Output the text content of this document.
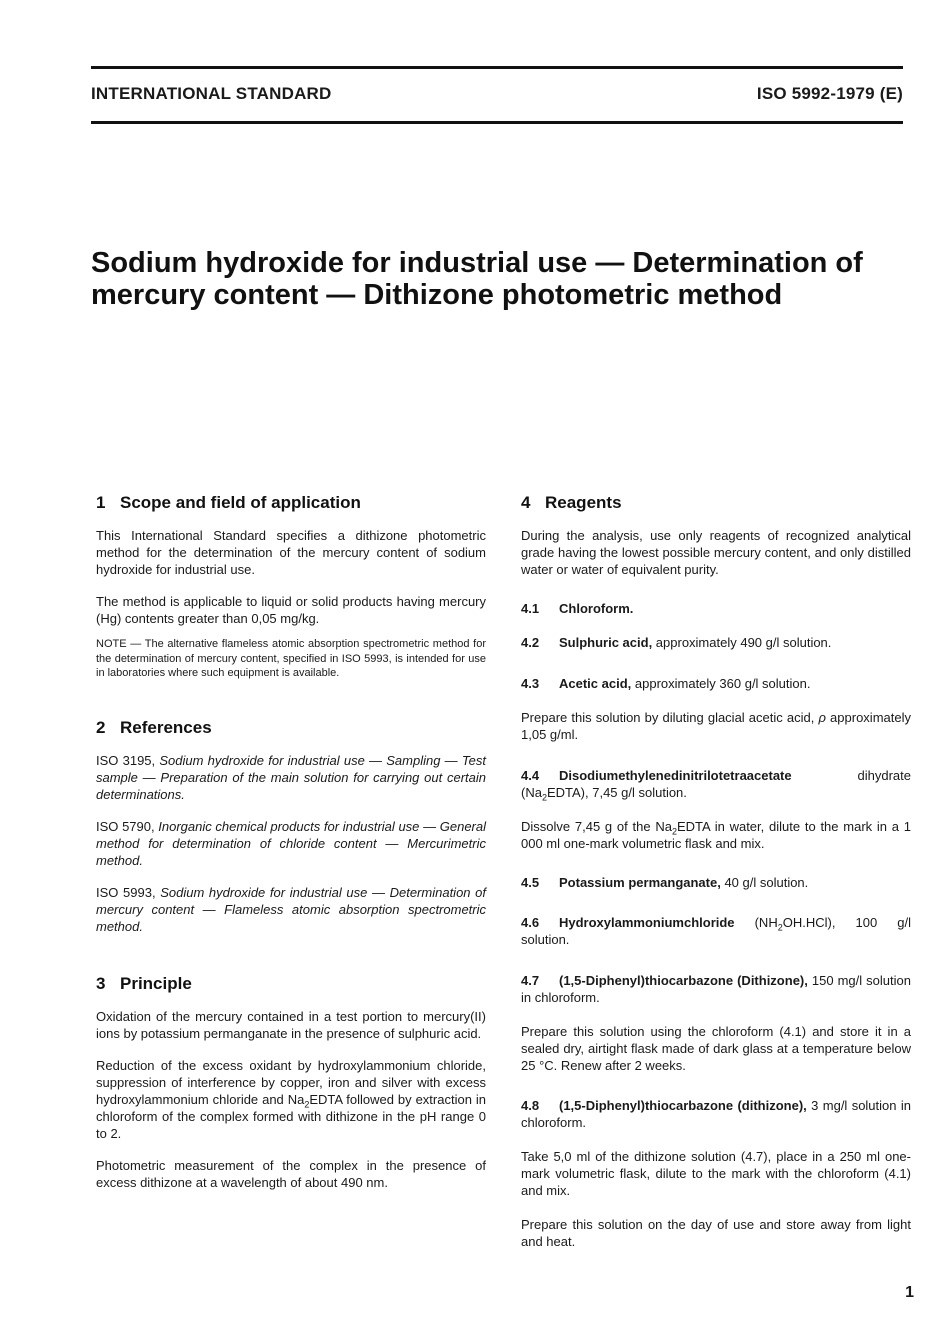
INTERNATIONAL STANDARD	ISO 5992-1979 (E)
Sodium hydroxide for industrial use — Determination of
mercury content — Dithizone photometric method
1 Scope and field of application

This International Standard specifies a dithizone photometric method for the determination of the mercury content of sodium hydroxide for industrial use.

The method is applicable to liquid or solid products having mercury (Hg) contents greater than 0,05 mg/kg.

NOTE — The alternative flameless atomic absorption spectrometric method for the determination of mercury content, specified in ISO 5993, is intended for use in laboratories where such equipment is available.

2 References

ISO 3195, Sodium hydroxide for industrial use — Sampling — Test sample — Preparation of the main solution for carrying out certain determinations.

ISO 5790, Inorganic chemical products for industrial use — General method for determination of chloride content — Mercurimetric method.

ISO 5993, Sodium hydroxide for industrial use — Determination of mercury content — Flameless atomic absorption spectrometric method.

3 Principle

Oxidation of the mercury contained in a test portion to mercury(II) ions by potassium permanganate in the presence of sulphuric acid.

Reduction of the excess oxidant by hydroxylammonium chloride, suppression of interference by copper, iron and silver with excess hydroxylammonium chloride and $Na_2EDTA$ followed by extraction in chloroform of the complex formed with dithizone in the pH range 0 to 2.

Photometric measurement of the complex in the presence of excess dithizone at a wavelength of about 490 nm.

4 Reagents

During the analysis, use only reagents of recognized analytical grade having the lowest possible mercury content, and only distilled water or water of equivalent purity.

4.1 Chloroform.

4.2 Sulphuric acid, approximately 490 g/l solution.

4.3 Acetic acid, approximately 360 g/l solution.

Prepare this solution by diluting glacial acetic acid, ρ approximately 1,05 g/ml.

4.4 Disodiumethylenedinitrilotetraacetate dihydrate $(Na_2EDTA)$, 7,45 g/l solution.

Dissolve 7,45 g of the $Na_2EDTA$ in water, dilute to the mark in a 1 000 ml one-mark volumetric flask and mix.

4.5 Potassium permanganate, 40 g/l solution.

4.6 Hydroxylammoniumchloride $(NH_2OH.HCl)$, 100 g/l solution.

4.7 (1,5-Diphenyl)thiocarbazone (Dithizone), 150 mg/l solution in chloroform.

Prepare this solution using the chloroform (4.1) and store it in a sealed dry, airtight flask made of dark glass at a temperature below 25 °C. Renew after 2 weeks.

4.8 (1,5-Diphenyl)thiocarbazone (dithizone), 3 mg/l solution in chloroform.

Take 5,0 ml of the dithizone solution (4.7), place in a 250 ml one-mark volumetric flask, dilute to the mark with the chloroform (4.1) and mix.

Prepare this solution on the day of use and store away from light and heat.

1
